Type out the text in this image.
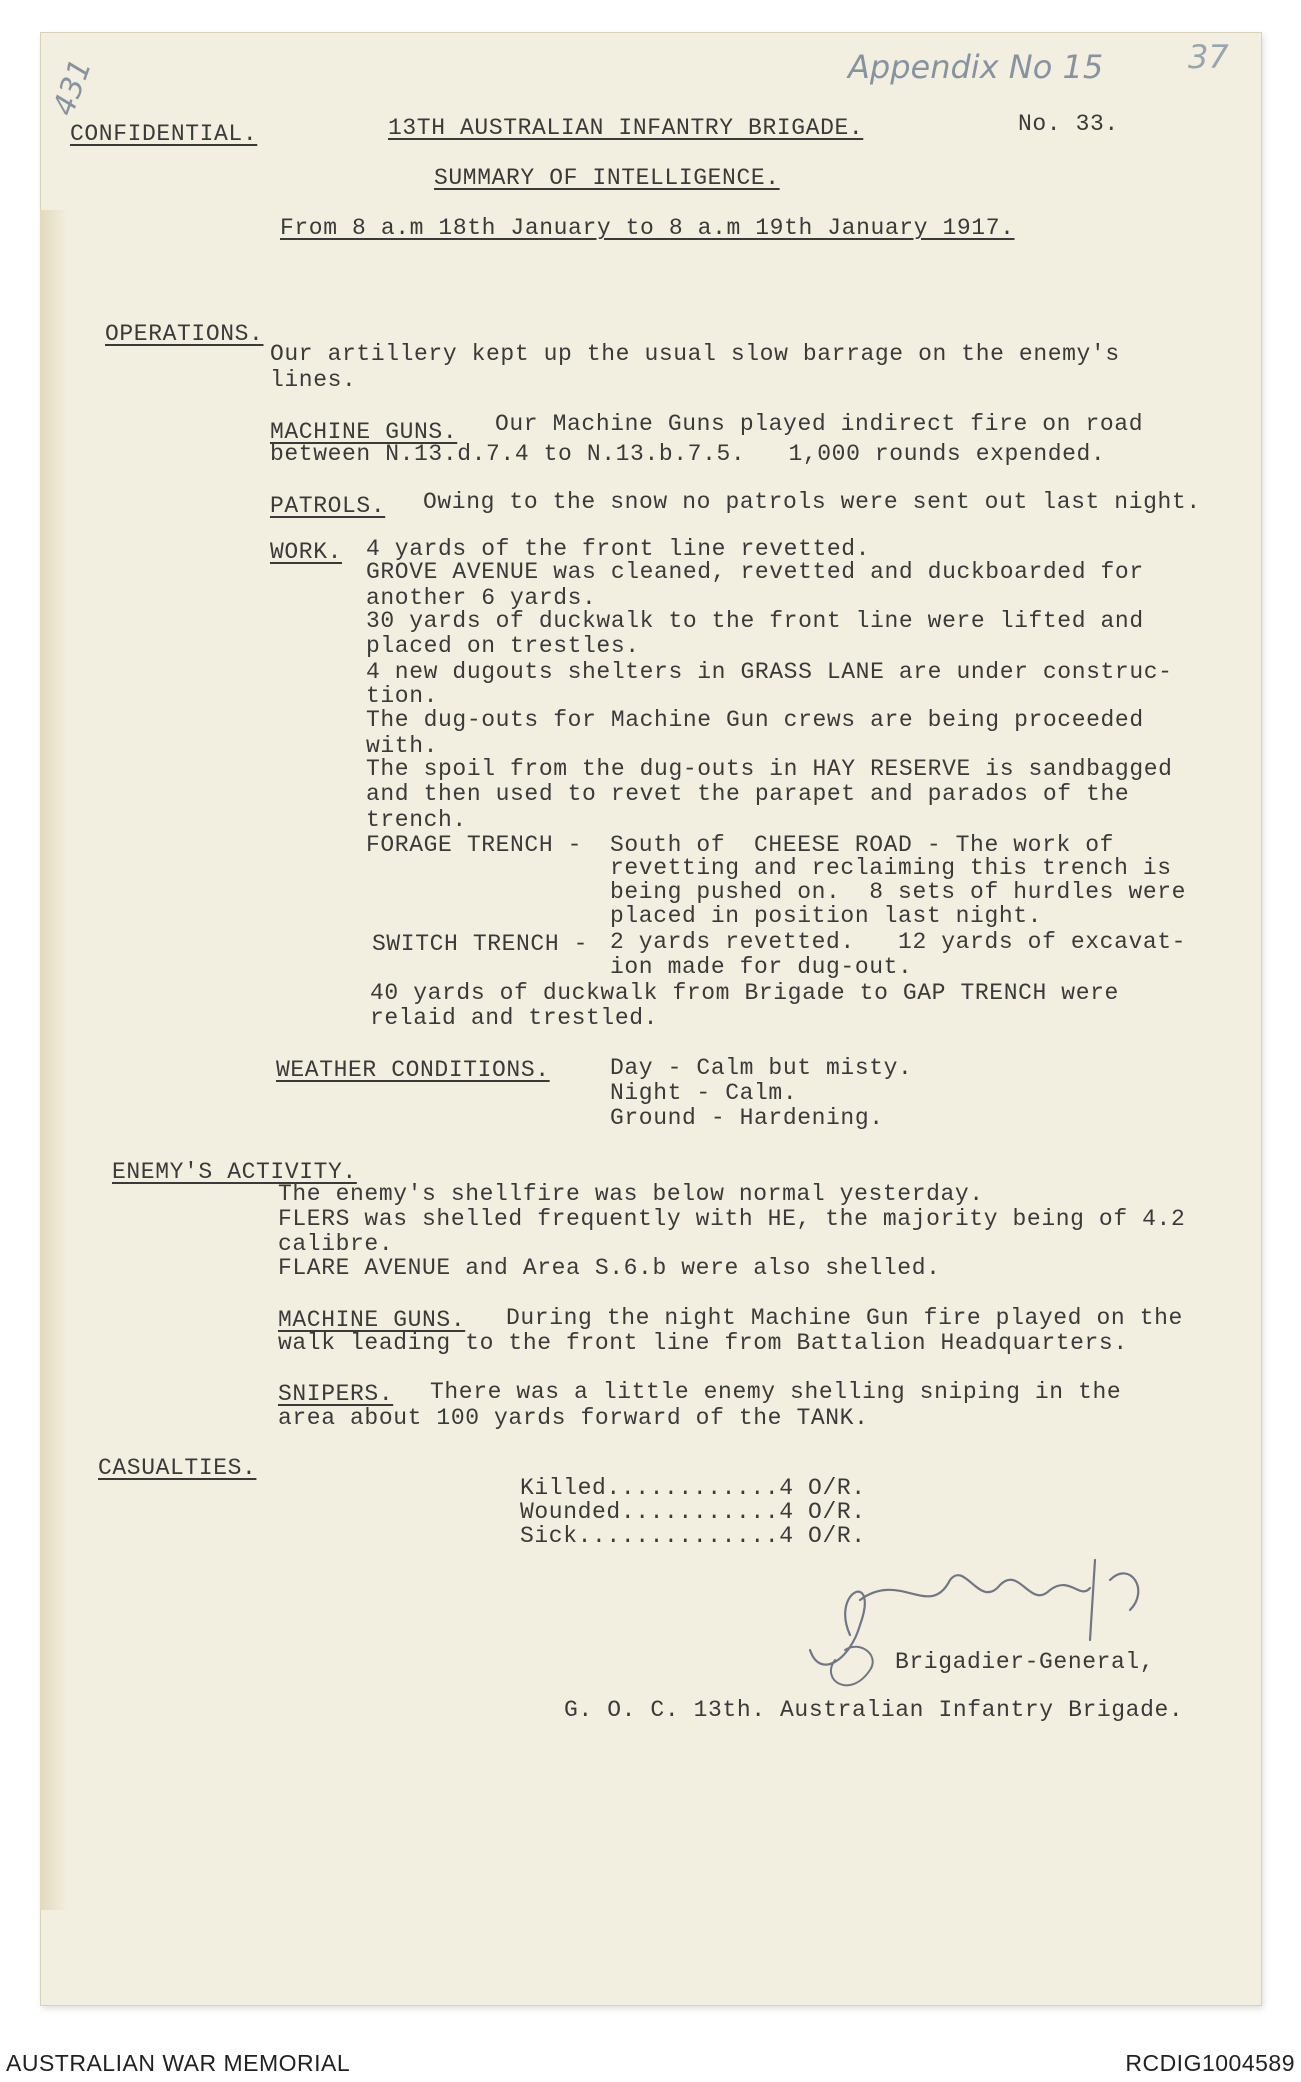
431	Appendix No 15	37
CONFIDENTIAL.	13TH AUSTRALIAN INFANTRY BRIGADE.	No. 33.
SUMMARY OF INTELLIGENCE.
From 8 a.m 18th January to 8 a.m 19th January 1917.
OPERATIONS.
Our artillery kept up the usual slow barrage on the enemy's
lines.
MACHINE GUNS. Our Machine Guns played indirect fire on road
between N.13.d.7.4 to N.13.b.7.5.   1,000 rounds expended.
PATROLS. Owing to the snow no patrols were sent out last night.
WORK. 4 yards of the front line revetted.
GROVE AVENUE was cleaned, revetted and duckboarded for
another 6 yards.
30 yards of duckwalk to the front line were lifted and
placed on trestles.
4 new dugouts shelters in GRASS LANE are under construc-
tion.
The dug-outs for Machine Gun crews are being proceeded
with.
The spoil from the dug-outs in HAY RESERVE is sandbagged
and then used to revet the parapet and parados of the
trench.
FORAGE TRENCH - South of  CHEESE ROAD - The work of
revetting and reclaiming this trench is
being pushed on.  8 sets of hurdles were
placed in position last night.
SWITCH TRENCH - 2 yards revetted.   12 yards of excavat-
ion made for dug-out.
40 yards of duckwalk from Brigade to GAP TRENCH were
relaid and trestled.
WEATHER CONDITIONS.	Day - Calm but misty.
Night - Calm.
Ground - Hardening.
ENEMY'S ACTIVITY.
The enemy's shellfire was below normal yesterday.
FLERS was shelled frequently with HE, the majority being of 4.2
calibre.
FLARE AVENUE and Area S.6.b were also shelled.
MACHINE GUNS. During the night Machine Gun fire played on the
walk leading to the front line from Battalion Headquarters.
SNIPERS. There was a little enemy shelling sniping in the
area about 100 yards forward of the TANK.
CASUALTIES.
Killed............4 O/R.
Wounded...........4 O/R.
Sick..............4 O/R.
Brigadier-General,
G. O. C. 13th. Australian Infantry Brigade.
AUSTRALIAN WAR MEMORIAL	RCDIG1004589
